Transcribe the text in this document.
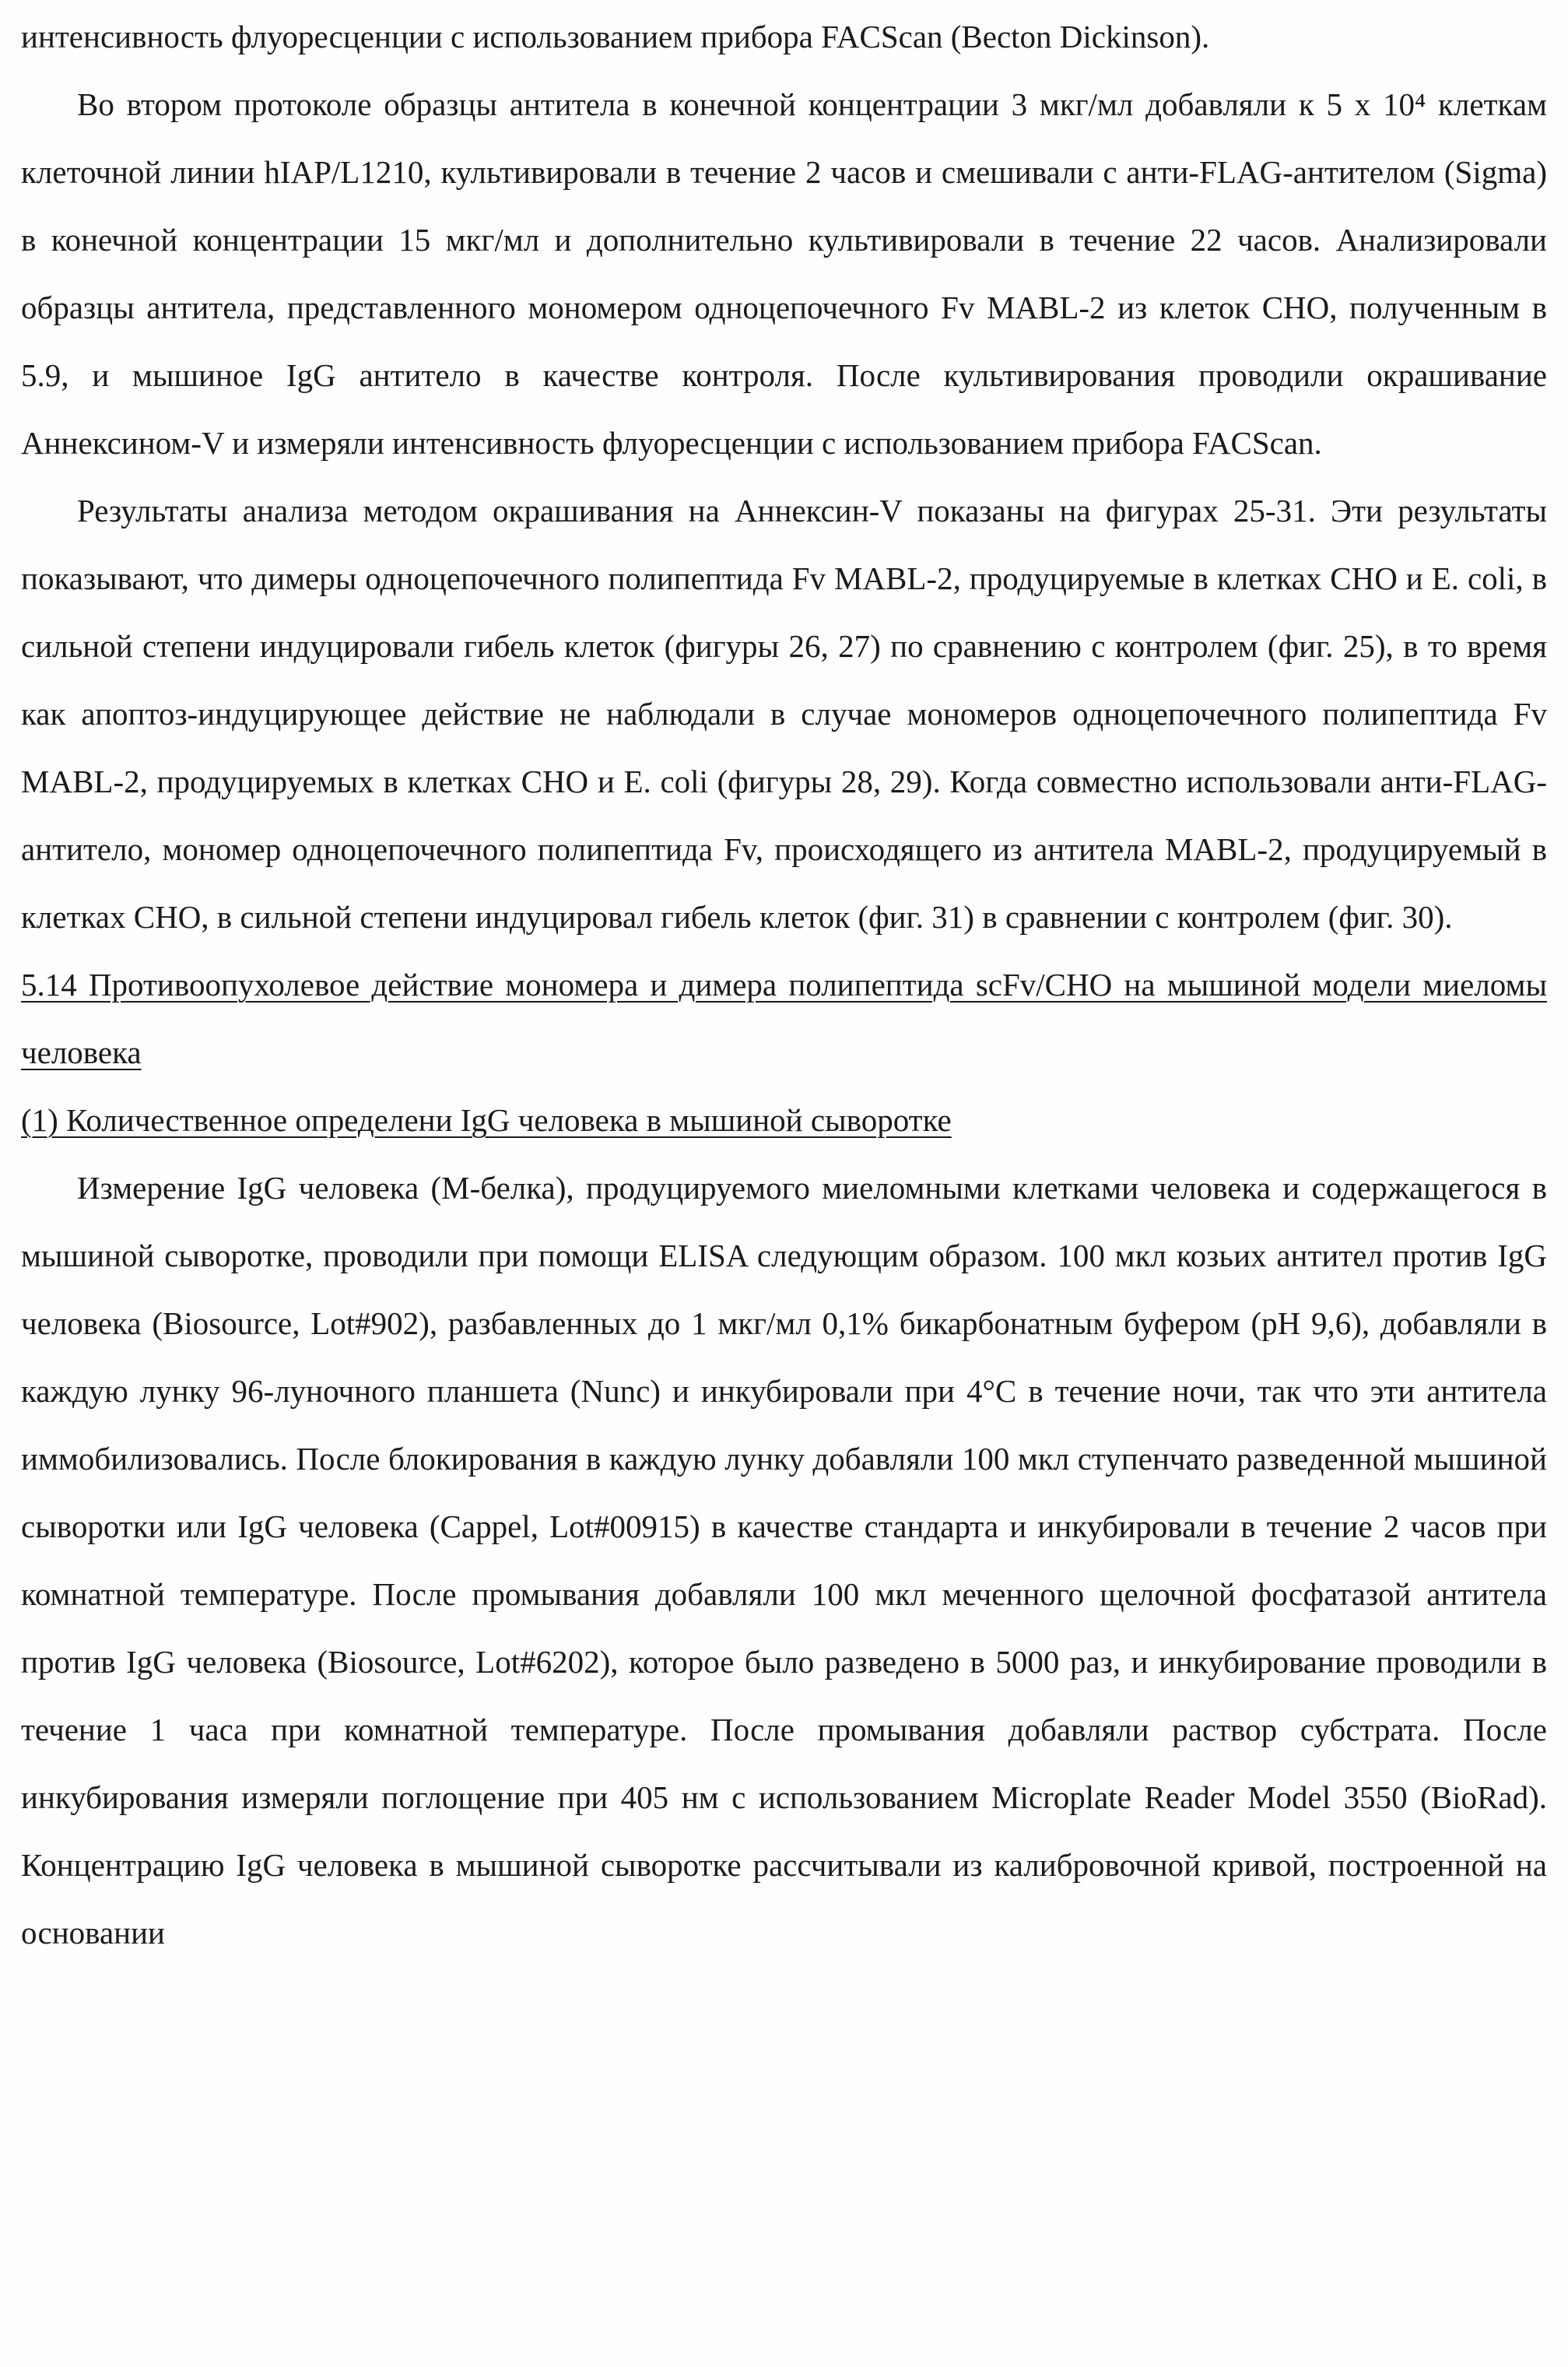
интенсивность флуоресценции с использованием прибора FACScan (Becton Dickinson).

Во втором протоколе образцы антитела в конечной концентрации 3 мкг/мл добавляли к 5 x 10⁴ клеткам клеточной линии hIAP/L1210, культивировали в течение 2 часов и смешивали с анти-FLAG-антителом (Sigma) в конечной концентрации 15 мкг/мл и дополнительно культивировали в течение 22 часов. Анализировали образцы антитела, представленного мономером одноцепочечного Fv MABL-2 из клеток CHO, полученным в 5.9, и мышиное IgG антитело в качестве контроля. После культивирования проводили окрашивание Аннексином-V и измеряли интенсивность флуоресценции с использованием прибора FACScan.

Результаты анализа методом окрашивания на Аннексин-V показаны на фигурах 25-31. Эти результаты показывают, что димеры одноцепочечного полипептида Fv MABL-2, продуцируемые в клетках CHO и E. coli, в сильной степени индуцировали гибель клеток (фигуры 26, 27) по сравнению с контролем (фиг. 25), в то время как апоптоз-индуцирующее действие не наблюдали в случае мономеров одноцепочечного полипептида Fv MABL-2, продуцируемых в клетках CHO и E. coli (фигуры 28, 29). Когда совместно использовали анти-FLAG-антитело, мономер одноцепочечного полипептида Fv, происходящего из антитела MABL-2, продуцируемый в клетках CHO, в сильной степени индуцировал гибель клеток (фиг. 31) в сравнении с контролем (фиг. 30).

5.14 Противоопухолевое действие мономера и димера полипептида scFv/CHO на мышиной модели миеломы человека

(1) Количественное определени IgG человека в мышиной сыворотке

Измерение IgG человека (М-белка), продуцируемого миеломными клетками человека и содержащегося в мышиной сыворотке, проводили при помощи ELISA следующим образом. 100 мкл козьих антител против IgG человека (Biosource, Lot#902), разбавленных до 1 мкг/мл 0,1% бикарбонатным буфером (pH 9,6), добавляли в каждую лунку 96-луночного планшета (Nunc) и инкубировали при 4°C в течение ночи, так что эти антитела иммобилизовались. После блокирования в каждую лунку добавляли 100 мкл ступенчато разведенной мышиной сыворотки или IgG человека (Cappel, Lot#00915) в качестве стандарта и инкубировали в течение 2 часов при комнатной температуре. После промывания добавляли 100 мкл меченного щелочной фосфатазой антитела против IgG человека (Biosource, Lot#6202), которое было разведено в 5000 раз, и инкубирование проводили в течение 1 часа при комнатной температуре. После промывания добавляли раствор субстрата. После инкубирования измеряли поглощение при 405 нм с использованием Microplate Reader Model 3550 (BioRad). Концентрацию IgG человека в мышиной сыворотке рассчитывали из калибровочной кривой, построенной на основании
